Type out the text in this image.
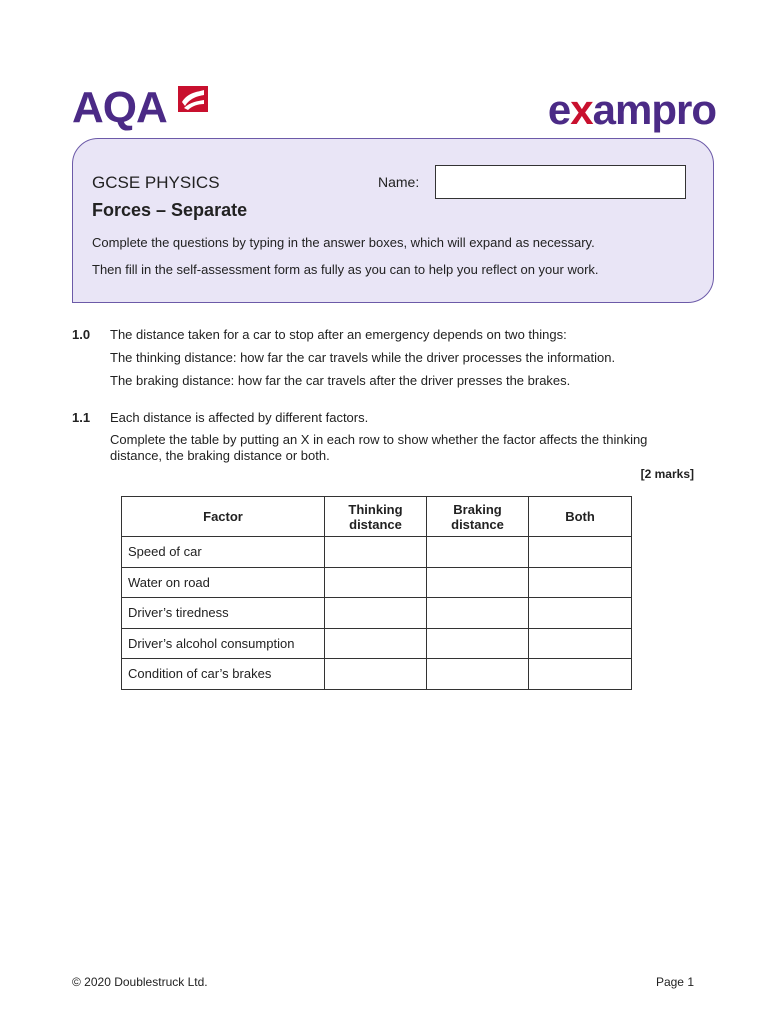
AQA	exampro
GCSE PHYSICS
Forces – Separate
Name:
Complete the questions by typing in the answer boxes, which will expand as necessary.
Then fill in the self-assessment form as fully as you can to help you reflect on your work.
1.0 The distance taken for a car to stop after an emergency depends on two things:
The thinking distance: how far the car travels while the driver processes the information.
The braking distance: how far the car travels after the driver presses the brakes.
1.1 Each distance is affected by different factors.
Complete the table by putting an X in each row to show whether the factor affects the thinking distance, the braking distance or both.
[2 marks]
Factor	Thinking distance	Braking distance	Both
Speed of car			
Water on road			
Driver’s tiredness			
Driver’s alcohol consumption			
Condition of car’s brakes			
© 2020 Doublestruck Ltd.	Page 1
